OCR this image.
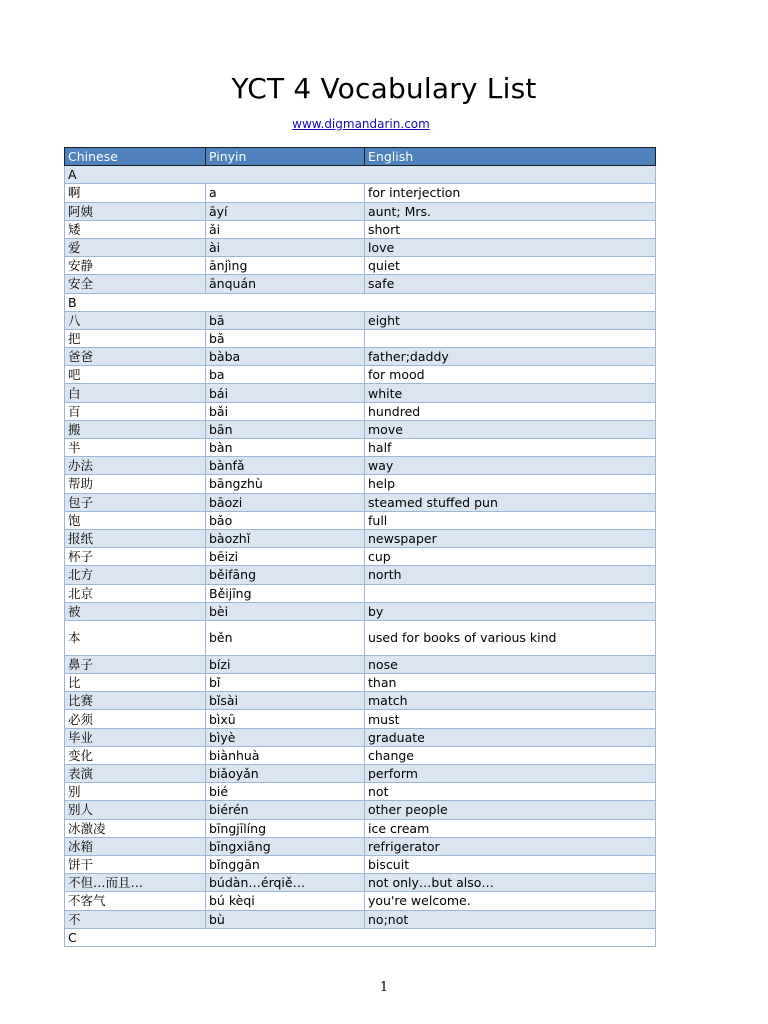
YCT 4 Vocabulary List
www.digmandarin.com
Chinese	Pinyin	English
A		
啊	a	for interjection
阿姨	āyí	aunt; Mrs.
矮	ǎi	short
爱	ài	love
安静	ānjìng	quiet
安全	ānquán	safe
B		
八	bā	eight
把	bǎ	
爸爸	bàba	father;daddy
吧	ba	for mood
白	bái	white
百	bǎi	hundred
搬	bān	move
半	bàn	half
办法	bànfǎ	way
帮助	bāngzhù	help
包子	bāozi	steamed stuffed pun
饱	bǎo	full
报纸	bàozhǐ	newspaper
杯子	bēizi	cup
北方	běifāng	north
北京	Běijīng	
被	bèi	by
本	běn	used for books of various kind
鼻子	bízi	nose
比	bǐ	than
比赛	bǐsài	match
必须	bìxū	must
毕业	bìyè	graduate
变化	biànhuà	change
表演	biǎoyǎn	perform
别	bié	not
别人	biérén	other people
冰激凌	bīngjīlíng	ice cream
冰箱	bīngxiāng	refrigerator
饼干	bǐnggān	biscuit
不但…而且…	búdàn…érqiě…	not only…but also…
不客气	bú kèqi	you're welcome.
不	bù	no;not
C		
1
